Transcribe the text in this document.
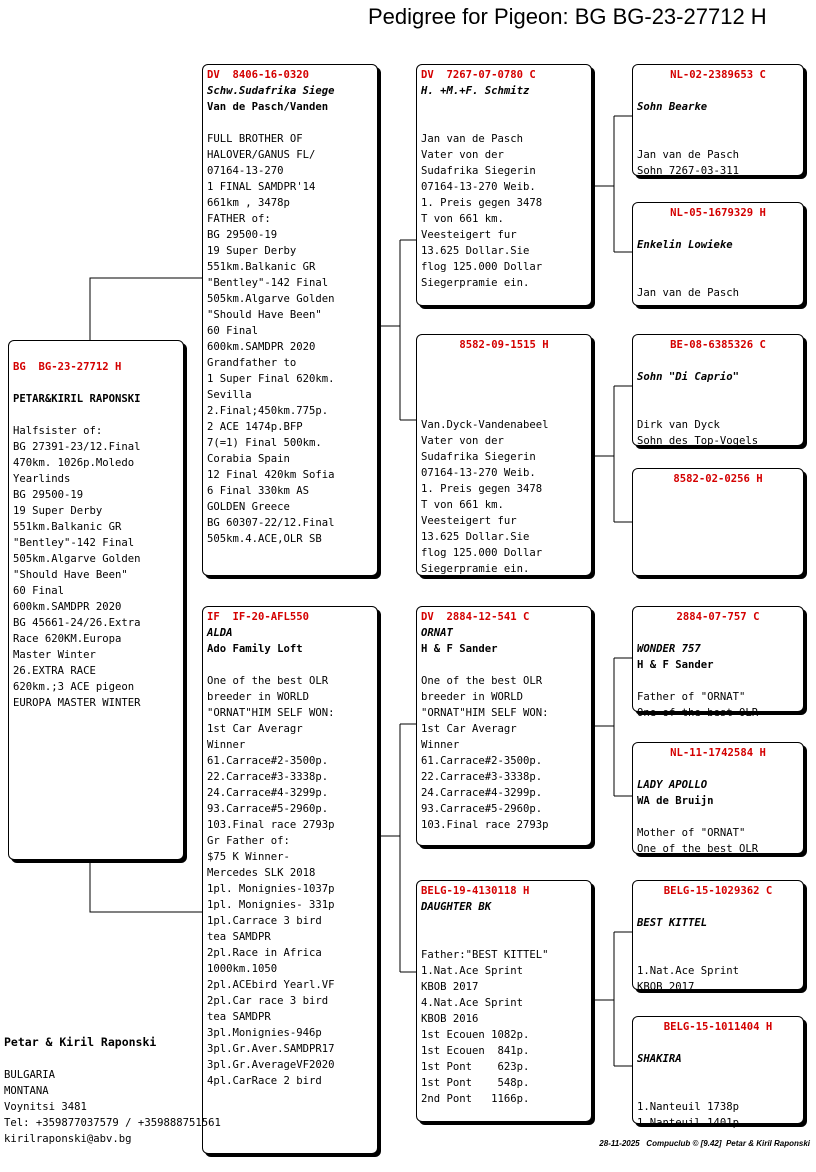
Pedigree for Pigeon: BG BG-23-27712 H

BG  BG-23-27712 H

PETAR&KIRIL RAPONSKI

Halfsister of:
BG 27391-23/12.Final
470km. 1026p.Moledo
Yearlinds
BG 29500-19
19 Super Derby
551km.Balkanic GR
"Bentley"-142 Final
505km.Algarve Golden
"Should Have Been"
60 Final
600km.SAMDPR 2020
BG 45661-24/26.Extra
Race 620KM.Europa
Master Winter
26.EXTRA RACE
620km.;3 ACE pigeon
EUROPA MASTER WINTER
DV  8406-16-0320
Schw.Sudafrika Siege
Van de Pasch/Vanden

FULL BROTHER OF
HALOVER/GANUS FL/
07164-13-270
1 FINAL SAMDPR'14
661km , 3478p
FATHER of:
BG 29500-19
19 Super Derby
551km.Balkanic GR
"Bentley"-142 Final
505km.Algarve Golden
"Should Have Been"
60 Final
600km.SAMDPR 2020
Grandfather to
1 Super Final 620km.
Sevilla
2.Final;450km.775p.
2 ACE 1474p.BFP
7(=1) Final 500km.
Corabia Spain
12 Final 420km Sofia
6 Final 330km AS
GOLDEN Greece
BG 60307-22/12.Final
505km.4.ACE,OLR SB
IF  IF-20-AFL550
ALDA
Ado Family Loft

One of the best OLR
breeder in WORLD
"ORNAT"HIM SELF WON:
1st Car Averagr
Winner
61.Carrace#2-3500p.
22.Carrace#3-3338p.
24.Carrace#4-3299p.
93.Carrace#5-2960p.
103.Final race 2793p
Gr Father of:
$75 K Winner-
Mercedes SLK 2018
1pl. Monignies-1037p
1pl. Monignies- 331p
1pl.Carrace 3 bird
tea SAMDPR
2pl.Race in Africa
1000km.1050
2pl.ACEbird Yearl.VF
2pl.Car race 3 bird
tea SAMDPR
3pl.Monignies-946p
3pl.Gr.Aver.SAMDPR17
3pl.Gr.AverageVF2020
4pl.CarRace 2 bird
DV  7267-07-0780 C
H. +M.+F. Schmitz

Jan van de Pasch
Vater von der
Sudafrika Siegerin
07164-13-270 Weib.
1. Preis gegen 3478
T von 661 km.
Veesteigert fur
13.625 Dollar.Sie
flog 125.000 Dollar
Siegerpramie ein.
8582-09-1515 H

Van.Dyck-Vandenabeel
Vater von der
Sudafrika Siegerin
07164-13-270 Weib.
1. Preis gegen 3478
T von 661 km.
Veesteigert fur
13.625 Dollar.Sie
flog 125.000 Dollar
Siegerpramie ein.
DV  2884-12-541 C
ORNAT
H & F Sander

One of the best OLR
breeder in WORLD
"ORNAT"HIM SELF WON:
1st Car Averagr
Winner
61.Carrace#2-3500p.
22.Carrace#3-3338p.
24.Carrace#4-3299p.
93.Carrace#5-2960p.
103.Final race 2793p
BELG-19-4130118 H
DAUGHTER BK

Father:"BEST KITTEL"
1.Nat.Ace Sprint
KBOB 2017
4.Nat.Ace Sprint
KBOB 2016
1st Ecouen 1082p.
1st Ecouen  841p.
1st Pont    623p.
1st Pont    548p.
2nd Pont   1166p.
NL-02-2389653 C

Sohn Bearke

Jan van de Pasch
Sohn 7267-03-311
NL-05-1679329 H

Enkelin Lowieke

Jan van de Pasch
BE-08-6385326 C

Sohn "Di Caprio"

Dirk van Dyck
Sohn des Top-Vogels
8582-02-0256 H
2884-07-757 C

WONDER 757
H & F Sander

Father of "ORNAT"
One of the best OLR
NL-11-1742584 H

LADY APOLLO
WA de Bruijn

Mother of "ORNAT"
One of the best OLR
BELG-15-1029362 C

BEST KITTEL

1.Nat.Ace Sprint
KBOB 2017
BELG-15-1011404 H

SHAKIRA

1.Nanteuil 1738p
1.Nanteuil 1401p
Petar & Kiril Raponski

BULGARIA
MONTANA
Voynitsi 3481
Tel: +359877037579 / +359888751561
kirilraponski@abv.bg	28-11-2025   Compuclub © [9.42]  Petar & Kiril Raponski
